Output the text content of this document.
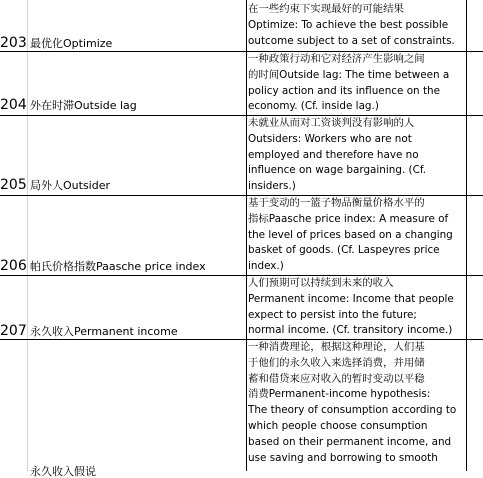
203 最优化Optimize
在一些约束下实现最好的可能结果
Optimize: To achieve the best possible
outcome subject to a set of constraints.
204 外在时滞Outside lag
一种政策行动和它对经济产生影响之间
的时间Outside lag: The time between a
policy action and its influence on the
economy. (Cf. inside lag.)
205 局外人Outsider
未就业从而对工资谈判没有影响的人
Outsiders: Workers who are not
employed and therefore have no
influence on wage bargaining. (Cf.
insiders.)
206 帕氏价格指数Paasche price index
基于变动的一篮子物品衡量价格水平的
指标Paasche price index: A measure of
the level of prices based on a changing
basket of goods. (Cf. Laspeyres price
index.)
207 永久收入Permanent income
人们预期可以持续到未来的收入
Permanent income: Income that people
expect to persist into the future;
normal income. (Cf. transitory income.)
永久收入假说
一种消费理论，根据这种理论，人们基
于他们的永久收入来选择消费，并用储
蓄和借贷来应对收入的暂时变动以平稳
消费Permanent-income hypothesis:
The theory of consumption according to
which people choose consumption
based on their permanent income, and
use saving and borrowing to smooth
